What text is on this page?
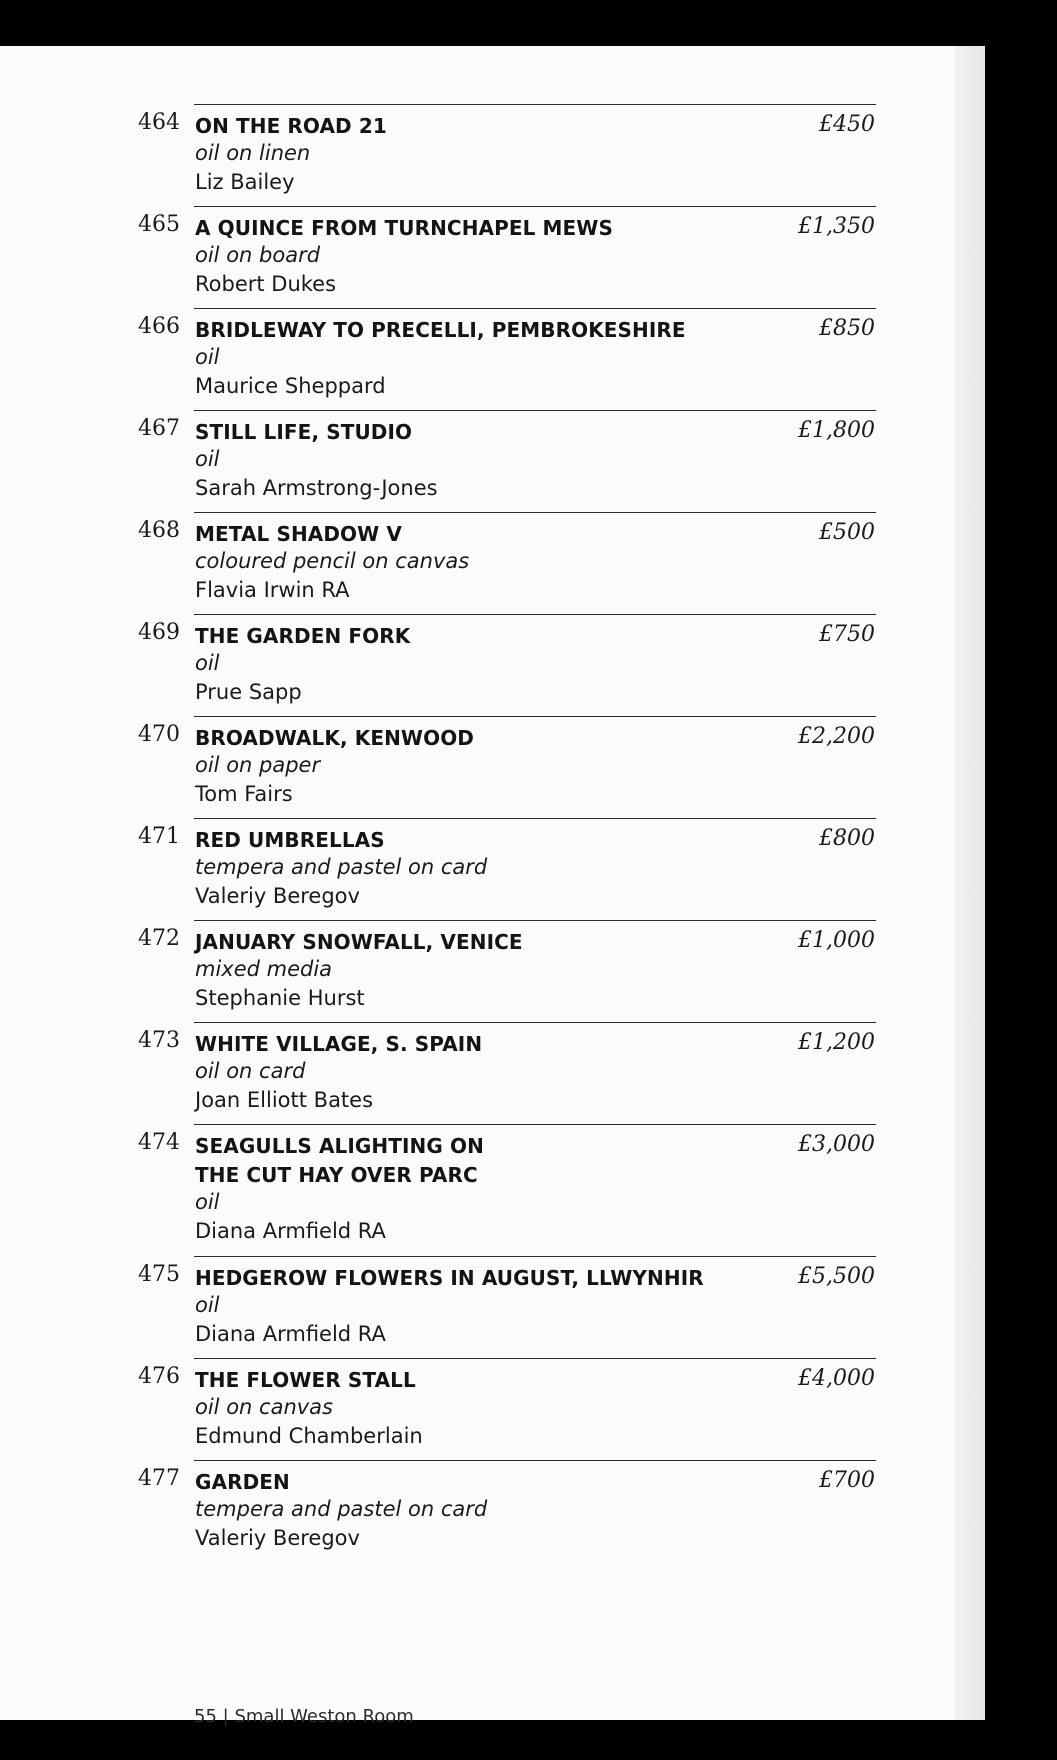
464 ON THE ROAD 21
oil on linen
Liz Bailey
£450
465 A QUINCE FROM TURNCHAPEL MEWS
oil on board
Robert Dukes
£1,350
466 BRIDLEWAY TO PRECELLI, PEMBROKESHIRE
oil
Maurice Sheppard
£850
467 STILL LIFE, STUDIO
oil
Sarah Armstrong-Jones
£1,800
468 METAL SHADOW V
coloured pencil on canvas
Flavia Irwin RA
£500
469 THE GARDEN FORK
oil
Prue Sapp
£750
470 BROADWALK, KENWOOD
oil on paper
Tom Fairs
£2,200
471 RED UMBRELLAS
tempera and pastel on card
Valeriy Beregov
£800
472 JANUARY SNOWFALL, VENICE
mixed media
Stephanie Hurst
£1,000
473 WHITE VILLAGE, S. SPAIN
oil on card
Joan Elliott Bates
£1,200
474 SEAGULLS ALIGHTING ON
THE CUT HAY OVER PARC
oil
Diana Armfield RA
£3,000
475 HEDGEROW FLOWERS IN AUGUST, LLWYNHIR
oil
Diana Armfield RA
£5,500
476 THE FLOWER STALL
oil on canvas
Edmund Chamberlain
£4,000
477 GARDEN
tempera and pastel on card
Valeriy Beregov
£700
55 | Small Weston Room
